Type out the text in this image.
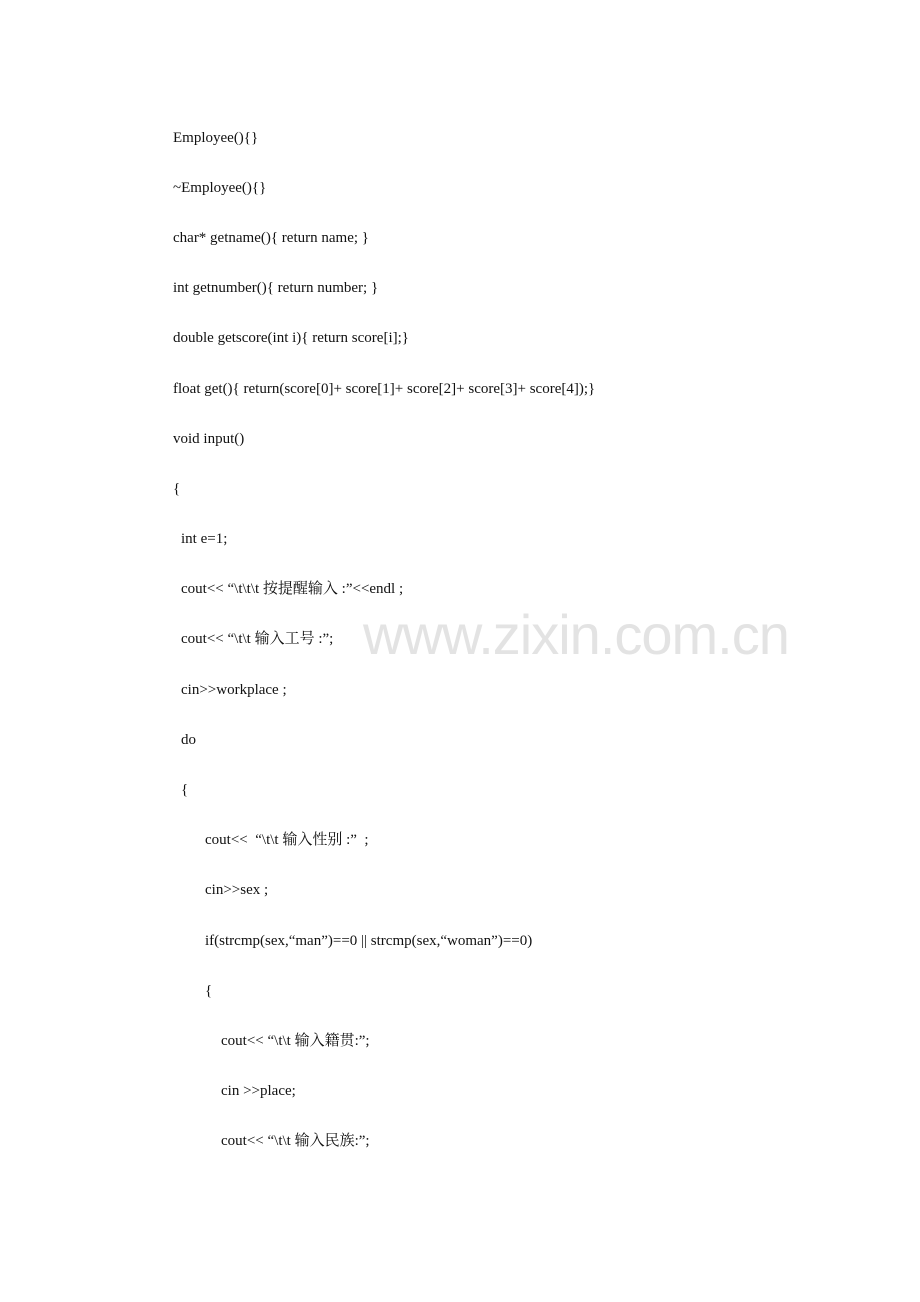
www.zixin.com.cn
Employee(){}
~Employee(){}
char* getname(){ return name; }
int getnumber(){ return number; }
double getscore(int i){ return score[i];}
float get(){ return(score[0]+ score[1]+ score[2]+ score[3]+ score[4]);}
void input()
{
int e=1;
cout<< “\t\t\t 按提醒输入 :”<<endl ;
cout<< “\t\t 输入工号 :”;
cin>>workplace ;
do
{
cout<<  “\t\t 输入性别 :”  ;
cin>>sex ;
if(strcmp(sex,“man”)==0 || strcmp(sex,“woman”)==0)
{
cout<< “\t\t 输入籍贯:”;
cin >>place;
cout<< “\t\t 输入民族:”;
